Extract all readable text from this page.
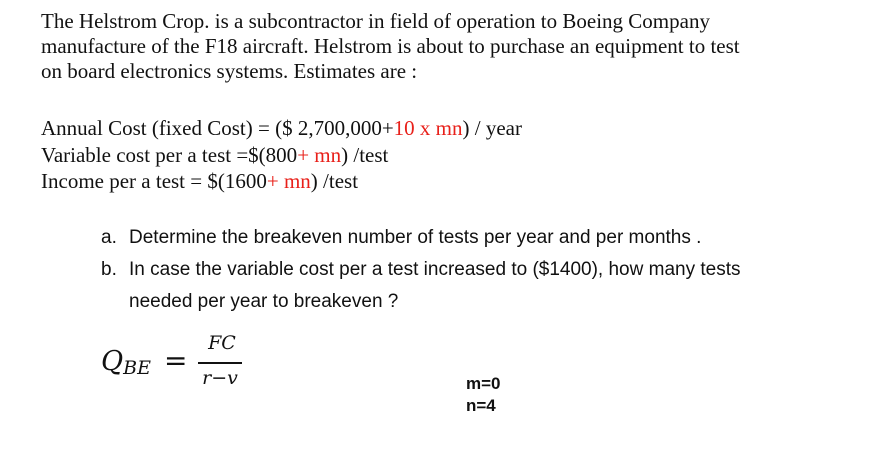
The Helstrom Crop. is a subcontractor in field of operation to Boeing Company
manufacture of the F18 aircraft. Helstrom is about to purchase an equipment to test
on board electronics systems. Estimates are :
Annual Cost (fixed Cost) = ($ 2,700,000+10 x mn) / year
Variable cost per a test =$(800+ mn) /test
Income per a test = $(1600+ mn) /test
a. Determine the breakeven number of tests per year and per months .
b. In case the variable cost per a test increased to ($1400), how many tests
needed per year to breakeven ?
$Q_{BE}$ =
FC
r−v	m=0
n=4
